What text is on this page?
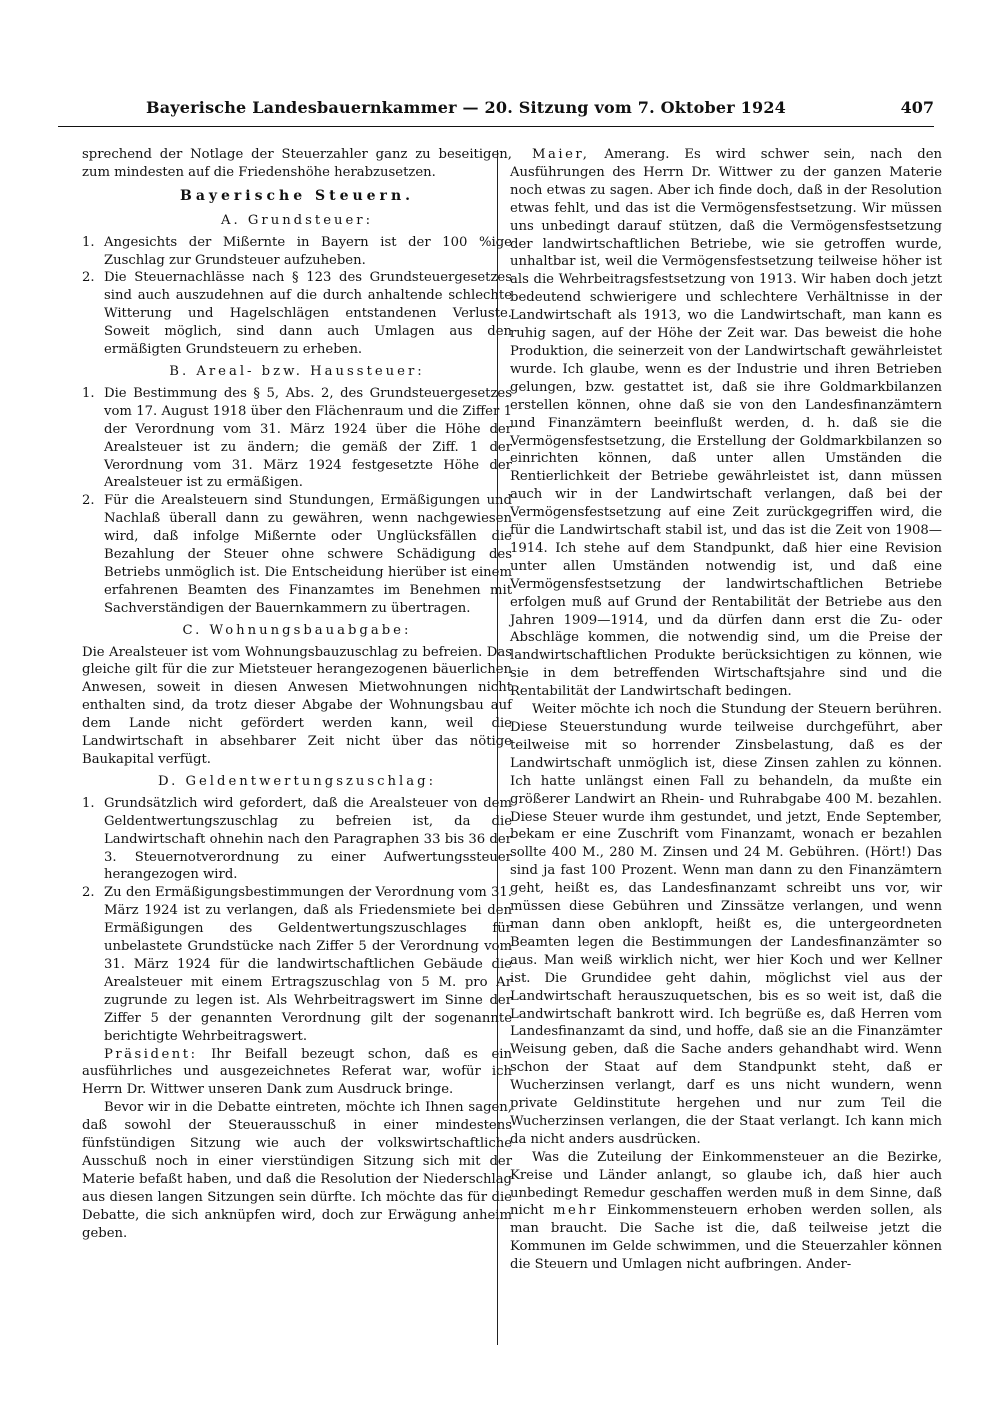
Bayerische Landesbauernkammer — 20. Sitzung vom 7. Oktober 1924	407

sprechend der Notlage der Steuerzahler ganz zu beseitigen, zum mindesten auf die Friedenshöhe herabzusetzen.

Bayerische Steuern.

A. Grundsteuer:

1. Angesichts der Mißernte in Bayern ist der 100 %ige Zuschlag zur Grundsteuer aufzuheben.
2. Die Steuernachlässe nach § 123 des Grundsteuergesetzes sind auch auszudehnen auf die durch anhaltende schlechte Witterung und Hagelschlägen entstandenen Verluste. Soweit möglich, sind dann auch Umlagen aus den ermäßigten Grundsteuern zu erheben.

B. Areal- bzw. Haussteuer:

1. Die Bestimmung des § 5, Abs. 2, des Grundsteuergesetzes vom 17. August 1918 über den Flächenraum und die Ziffer 1 der Verordnung vom 31. März 1924 über die Höhe der Arealsteuer ist zu ändern; die gemäß der Ziff. 1 der Verordnung vom 31. März 1924 festgesetzte Höhe der Arealsteuer ist zu ermäßigen.
2. Für die Arealsteuern sind Stundungen, Ermäßigungen und Nachlaß überall dann zu gewähren, wenn nachgewiesen wird, daß infolge Mißernte oder Unglücksfällen die Bezahlung der Steuer ohne schwere Schädigung des Betriebs unmöglich ist. Die Entscheidung hierüber ist einem erfahrenen Beamten des Finanzamtes im Benehmen mit Sachverständigen der Bauernkammern zu übertragen.

C. Wohnungsbauabgabe:

Die Arealsteuer ist vom Wohnungsbauzuschlag zu befreien. Das gleiche gilt für die zur Mietsteuer herangezogenen bäuerlichen Anwesen, soweit in diesen Anwesen Mietwohnungen nicht enthalten sind, da trotz dieser Abgabe der Wohnungsbau auf dem Lande nicht gefördert werden kann, weil die Landwirtschaft in absehbarer Zeit nicht über das nötige Baukapital verfügt.

D. Geldentwertungszuschlag:

1. Grundsätzlich wird gefordert, daß die Arealsteuer von dem Geldentwertungszuschlag zu befreien ist, da die Landwirtschaft ohnehin nach den Paragraphen 33 bis 36 der 3. Steuernotverordnung zu einer Aufwertungssteuer herangezogen wird.
2. Zu den Ermäßigungsbestimmungen der Verordnung vom 31. März 1924 ist zu verlangen, daß als Friedensmiete bei den Ermäßigungen des Geldentwertungszuschlages für unbelastete Grundstücke nach Ziffer 5 der Verordnung vom 31. März 1924 für die landwirtschaftlichen Gebäude die Arealsteuer mit einem Ertragszuschlag von 5 M. pro Ar zugrunde zu legen ist. Als Wehrbeitragswert im Sinne der Ziffer 5 der genannten Verordnung gilt der sogenannte berichtigte Wehrbeitragswert.

Präsident: Ihr Beifall bezeugt schon, daß es ein ausführliches und ausgezeichnetes Referat war, wofür ich Herrn Dr. Wittwer unseren Dank zum Ausdruck bringe.

Bevor wir in die Debatte eintreten, möchte ich Ihnen sagen, daß sowohl der Steuerausschuß in einer mindestens fünfstündigen Sitzung wie auch der volkswirtschaftliche Ausschuß noch in einer vierstündigen Sitzung sich mit der Materie befaßt haben, und daß die Resolution der Niederschlag aus diesen langen Sitzungen sein dürfte. Ich möchte das für die Debatte, die sich anknüpfen wird, doch zur Erwägung anheim geben.

Maier, Amerang. Es wird schwer sein, nach den Ausführungen des Herrn Dr. Wittwer zu der ganzen Materie noch etwas zu sagen. Aber ich finde doch, daß in der Resolution etwas fehlt, und das ist die Vermögensfestsetzung. Wir müssen uns unbedingt darauf stützen, daß die Vermögensfestsetzung der landwirtschaftlichen Betriebe, wie sie getroffen wurde, unhaltbar ist, weil die Vermögensfestsetzung teilweise höher ist als die Wehrbeitragsfestsetzung von 1913. Wir haben doch jetzt bedeutend schwierigere und schlechtere Verhältnisse in der Landwirtschaft als 1913, wo die Landwirtschaft, man kann es ruhig sagen, auf der Höhe der Zeit war. Das beweist die hohe Produktion, die seinerzeit von der Landwirtschaft gewährleistet wurde. Ich glaube, wenn es der Industrie und ihren Betrieben gelungen, bzw. gestattet ist, daß sie ihre Goldmarkbilanzen erstellen können, ohne daß sie von den Landesfinanzämtern und Finanzämtern beeinflußt werden, d. h. daß sie die Vermögensfestsetzung, die Erstellung der Goldmarkbilanzen so einrichten können, daß unter allen Umständen die Rentierlichkeit der Betriebe gewährleistet ist, dann müssen auch wir in der Landwirtschaft verlangen, daß bei der Vermögensfestsetzung auf eine Zeit zurückgegriffen wird, die für die Landwirtschaft stabil ist, und das ist die Zeit von 1908—1914. Ich stehe auf dem Standpunkt, daß hier eine Revision unter allen Umständen notwendig ist, und daß eine Vermögensfestsetzung der landwirtschaftlichen Betriebe erfolgen muß auf Grund der Rentabilität der Betriebe aus den Jahren 1909—1914, und da dürfen dann erst die Zu- oder Abschläge kommen, die notwendig sind, um die Preise der landwirtschaftlichen Produkte berücksichtigen zu können, wie sie in dem betreffenden Wirtschaftsjahre sind und die Rentabilität der Landwirtschaft bedingen.

Weiter möchte ich noch die Stundung der Steuern berühren. Diese Steuerstundung wurde teilweise durchgeführt, aber teilweise mit so horrender Zinsbelastung, daß es der Landwirtschaft unmöglich ist, diese Zinsen zahlen zu können. Ich hatte unlängst einen Fall zu behandeln, da mußte ein größerer Landwirt an Rhein- und Ruhrabgabe 400 M. bezahlen. Diese Steuer wurde ihm gestundet, und jetzt, Ende September, bekam er eine Zuschrift vom Finanzamt, wonach er bezahlen sollte 400 M., 280 M. Zinsen und 24 M. Gebühren. (Hört!) Das sind ja fast 100 Prozent. Wenn man dann zu den Finanzämtern geht, heißt es, das Landesfinanzamt schreibt uns vor, wir müssen diese Gebühren und Zinssätze verlangen, und wenn man dann oben anklopft, heißt es, die untergeordneten Beamten legen die Bestimmungen der Landesfinanzämter so aus. Man weiß wirklich nicht, wer hier Koch und wer Kellner ist. Die Grundidee geht dahin, möglichst viel aus der Landwirtschaft herauszuquetschen, bis es so weit ist, daß die Landwirtschaft bankrott wird. Ich begrüße es, daß Herren vom Landesfinanzamt da sind, und hoffe, daß sie an die Finanzämter Weisung geben, daß die Sache anders gehandhabt wird. Wenn schon der Staat auf dem Standpunkt steht, daß er Wucherzinsen verlangt, darf es uns nicht wundern, wenn private Geldinstitute hergehen und nur zum Teil die Wucherzinsen verlangen, die der Staat verlangt. Ich kann mich da nicht anders ausdrücken.

Was die Zuteilung der Einkommensteuer an die Bezirke, Kreise und Länder anlangt, so glaube ich, daß hier auch unbedingt Remedur geschaffen werden muß in dem Sinne, daß nicht mehr Einkommensteuern erhoben werden sollen, als man braucht. Die Sache ist die, daß teilweise jetzt die Kommunen im Gelde schwimmen, und die Steuerzahler können die Steuern und Umlagen nicht aufbringen. Ander-
